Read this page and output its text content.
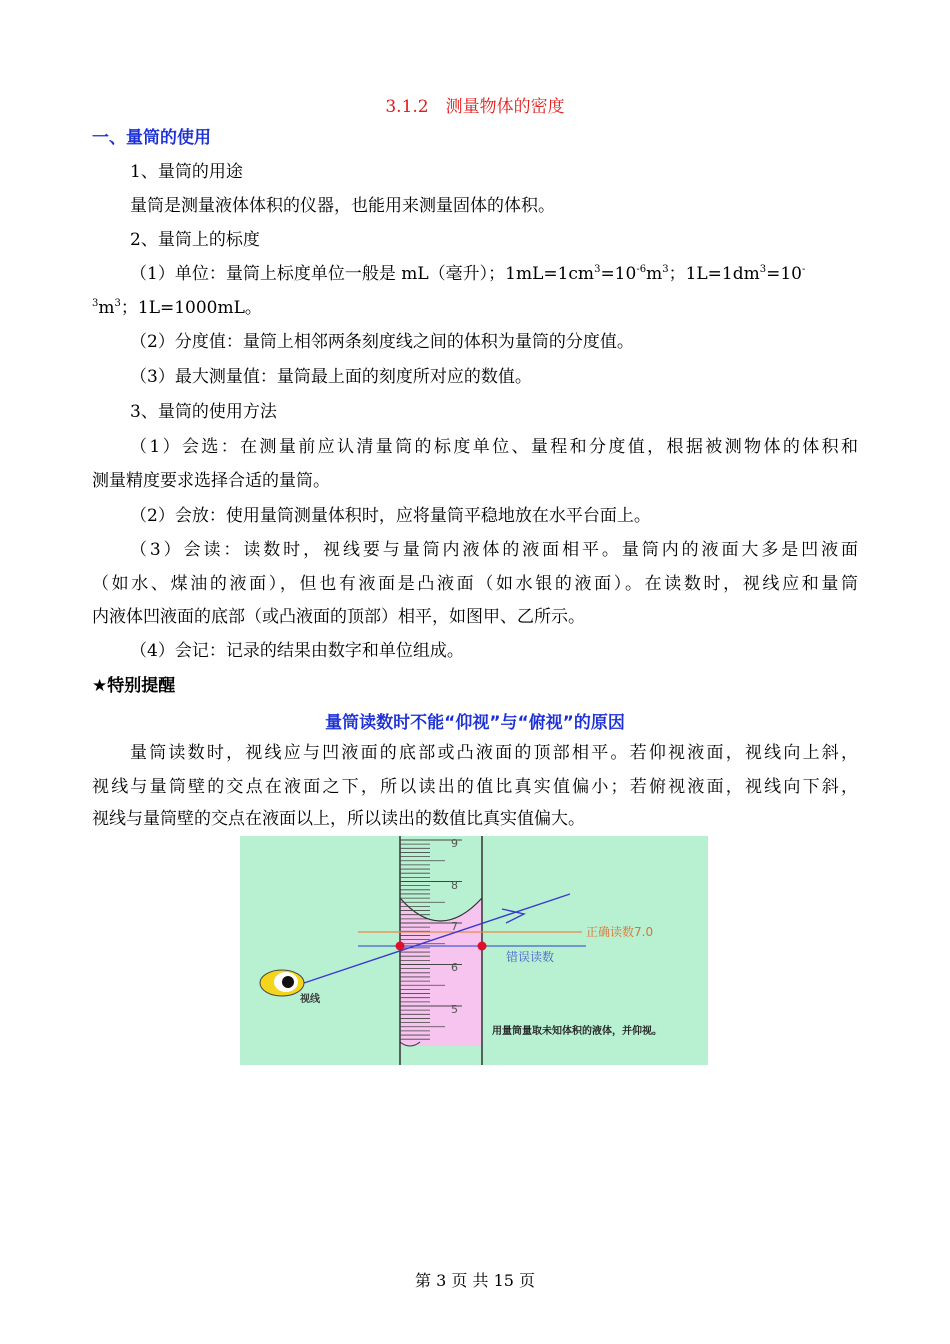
3.1.2　测量物体的密度
一、量筒的使用
1、量筒的用途
量筒是测量液体体积的仪器，也能用来测量固体的体积。
2、量筒上的标度
（1）单位：量筒上标度单位一般是 mL（毫升）；$1mL=1cm^3=10^{-6}m^3$；$1L=1dm^3=10^-$
$^3m^3$；1L=1000mL。
（2）分度值：量筒上相邻两条刻度线之间的体积为量筒的分度值。
（3）最大测量值：量筒最上面的刻度所对应的数值。
3、量筒的使用方法
（1）会选：在测量前应认清量筒的标度单位、量程和分度值，根据被测物体的体积和
测量精度要求选择合适的量筒。
（2）会放：使用量筒测量体积时，应将量筒平稳地放在水平台面上。
（3）会读：读数时，视线要与量筒内液体的液面相平。量筒内的液面大多是凹液面
（如水、煤油的液面），但也有液面是凸液面（如水银的液面）。在读数时，视线应和量筒
内液体凹液面的底部（或凸液面的顶部）相平，如图甲、乙所示。
（4）会记：记录的结果由数字和单位组成。
★特别提醒
量筒读数时不能“仰视”与“俯视”的原因
量筒读数时，视线应与凹液面的底部或凸液面的顶部相平。若仰视液面，视线向上斜，
视线与量筒壁的交点在液面之下，所以读出的值比真实值偏小；若俯视液面，视线向下斜，
视线与量筒壁的交点在液面以上，所以读出的数值比真实值偏大。
9
8
7
6
5
正确读数7.0
错误读数
视线
用量筒量取未知体积的液体，并仰视。
第 3 页 共 15 页
